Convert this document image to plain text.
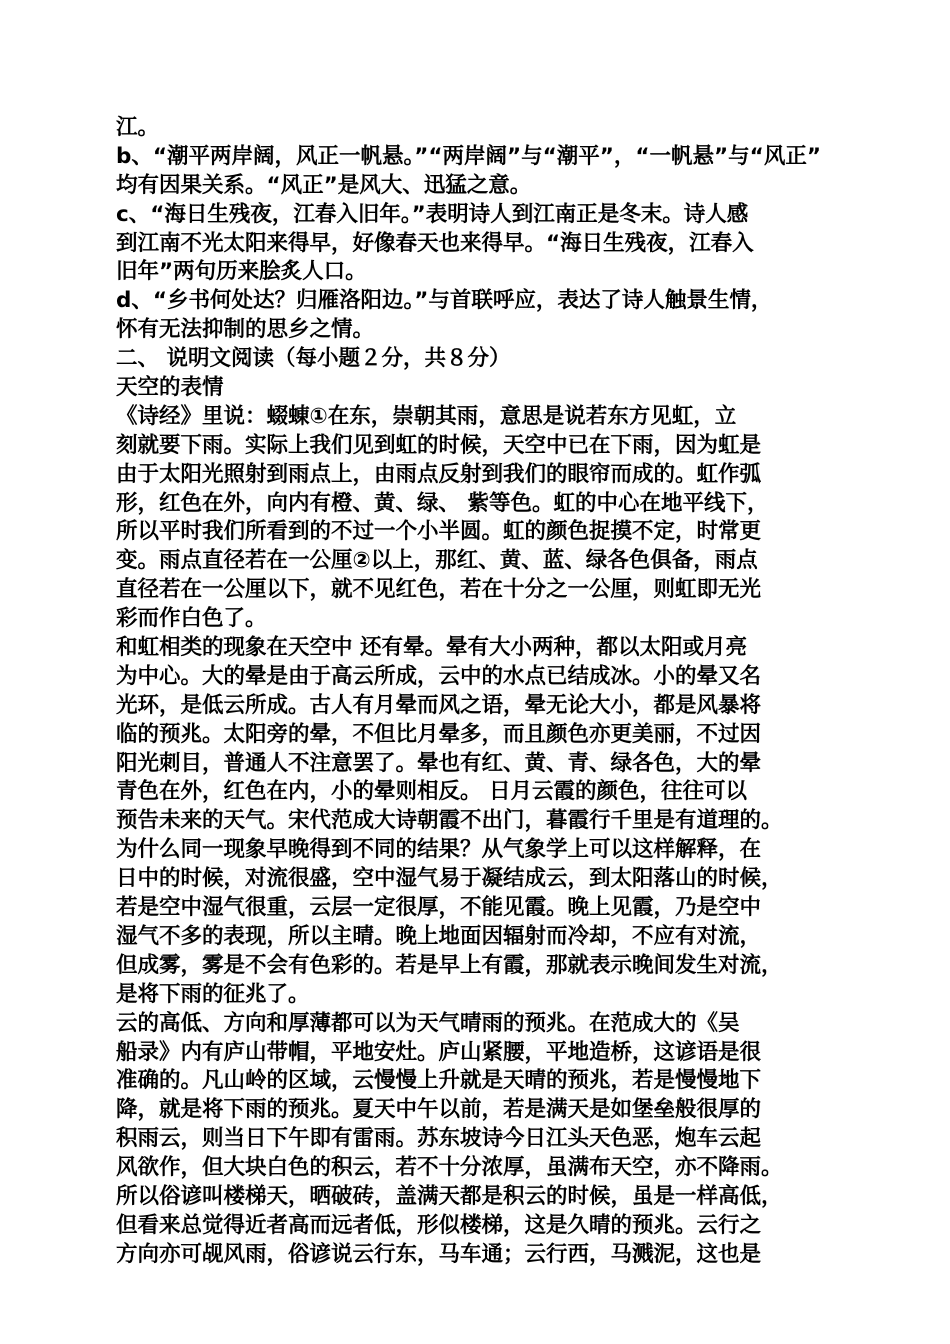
江。
b、“潮平两岸阔，风正一帆悬。”“两岸阔”与“潮平”，“一帆悬”与“风正”
均有因果关系。“风正”是风大、迅猛之意。
c、“海日生残夜，江春入旧年。”表明诗人到江南正是冬末。诗人感
到江南不光太阳来得早，好像春天也来得早。“海日生残夜，江春入
旧年”两句历来脍炙人口。
d、“乡书何处达？归雁洛阳边。”与首联呼应，表达了诗人触景生情，
怀有无法抑制的思乡之情。
二、 说明文阅读（每小题２分，共８分）
天空的表情
《诗经》里说：蝃蝀①在东，崇朝其雨，意思是说若东方见虹，立
刻就要下雨。实际上我们见到虹的时候，天空中已在下雨，因为虹是
由于太阳光照射到雨点上，由雨点反射到我们的眼帘而成的。虹作弧
形，红色在外，向内有橙、黄、绿、 紫等色。虹的中心在地平线下，
所以平时我们所看到的不过一个小半圆。虹的颜色捉摸不定，时常更
变。雨点直径若在一公厘②以上，那红、黄、蓝、绿各色俱备，雨点
直径若在一公厘以下，就不见红色，若在十分之一公厘，则虹即无光
彩而作白色了。
和虹相类的现象在天空中 还有晕。晕有大小两种，都以太阳或月亮
为中心。大的晕是由于高云所成，云中的水点已结成冰。小的晕又名
光环，是低云所成。古人有月晕而风之语，晕无论大小，都是风暴将
临的预兆。太阳旁的晕，不但比月晕多，而且颜色亦更美丽，不过因
阳光刺目，普通人不注意罢了。晕也有红、黄、青、绿各色，大的晕
青色在外，红色在内，小的晕则相反。 日月云霞的颜色，往往可以
预告未来的天气。宋代范成大诗朝霞不出门，暮霞行千里是有道理的。
为什么同一现象早晚得到不同的结果？从气象学上可以这样解释，在
日中的时候，对流很盛，空中湿气易于凝结成云，到太阳落山的时候，
若是空中湿气很重，云层一定很厚，不能见霞。晚上见霞，乃是空中
湿气不多的表现，所以主晴。晚上地面因辐射而冷却，不应有对流，
但成雾，雾是不会有色彩的。若是早上有霞，那就表示晚间发生对流，
是将下雨的征兆了。
云的高低、方向和厚薄都可以为天气晴雨的预兆。在范成大的《吴
船录》内有庐山带帽，平地安灶。庐山紧腰，平地造桥，这谚语是很
准确的。凡山岭的区域，云慢慢上升就是天晴的预兆，若是慢慢地下
降，就是将下雨的预兆。夏天中午以前，若是满天是如堡垒般很厚的
积雨云，则当日下午即有雷雨。苏东坡诗今日江头天色恶，炮车云起
风欲作，但大块白色的积云，若不十分浓厚，虽满布天空，亦不降雨。
所以俗谚叫楼梯天，晒破砖，盖满天都是积云的时候，虽是一样高低，
但看来总觉得近者高而远者低，形似楼梯，这是久晴的预兆。云行之
方向亦可觇风雨，俗谚说云行东，马车通；云行西，马溅泥，这也是
